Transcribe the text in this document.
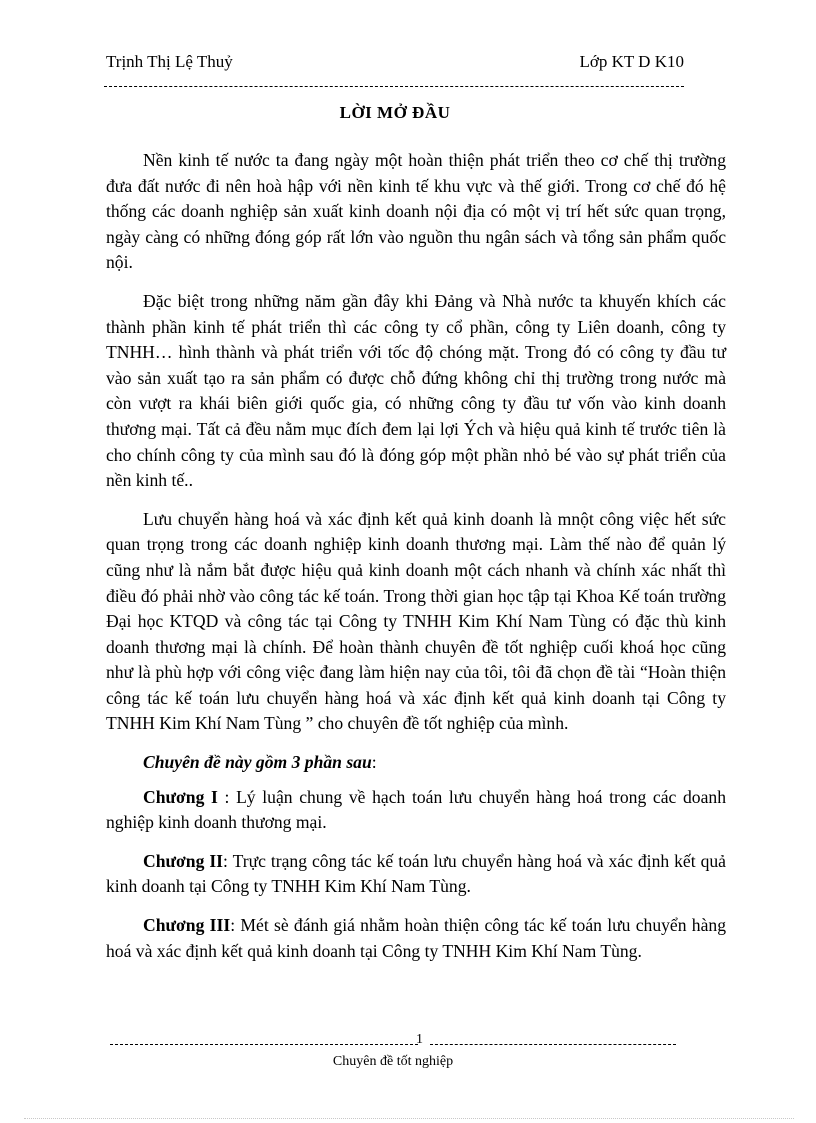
Trịnh Thị Lệ Thuỷ	Lớp KT D K10
LỜI MỞ ĐẦU

Nền kinh tế nước ta đang ngày một hoàn thiện phát triển theo cơ chế thị trường đưa đất nước đi nên hoà hập với nền kinh tế khu vực và thế giới. Trong cơ chế đó hệ thống các doanh nghiệp sản xuất kinh doanh nội địa có một vị trí hết sức quan trọng, ngày càng có những đóng góp rất lớn vào nguồn thu ngân sách và tổng sản phẩm quốc nội.

Đặc biệt trong những năm gần đây khi Đảng và Nhà nước ta khuyến khích các thành phần kinh tế phát triển thì các công ty cổ phần, công ty Liên doanh, công ty TNHH… hình thành và phát triển với tốc độ chóng mặt. Trong đó có công ty đầu tư vào sản xuất tạo ra sản phẩm có được chỗ đứng không chỉ thị trường trong nước mà còn vượt ra khái biên giới quốc gia, có những công ty đầu tư vốn vào kinh doanh thương mại. Tất cả đều nằm mục đích đem lại lợi Ých và hiệu quả kinh tế trước tiên là cho chính công ty của mình sau đó là đóng góp một phần nhỏ bé vào sự phát triển của nền kinh tế..

Lưu chuyển hàng hoá và xác định kết quả kinh doanh là mnột công việc hết sức quan trọng trong các doanh nghiệp kinh doanh thương mại. Làm thế nào để quản lý cũng như là nắm bắt được hiệu quả kinh doanh một cách nhanh và chính xác nhất thì điều đó phải nhờ vào công tác kế toán. Trong thời gian học tập tại Khoa Kế toán trường Đại học KTQD và công tác tại Công ty TNHH Kim Khí Nam Tùng có đặc thù kinh doanh thương mại là chính. Để hoàn thành chuyên đề tốt nghiệp cuối khoá học cũng như là phù hợp với công việc đang làm hiện nay của tôi, tôi đã chọn đề tài “Hoàn thiện công tác kế toán lưu chuyển hàng hoá và xác định kết quả kinh doanh tại Công ty TNHH Kim Khí Nam Tùng ” cho chuyên đề tốt nghiệp của mình.

Chuyên đề này gồm 3 phần sau:

Chương I : Lý luận chung về hạch toán lưu chuyển hàng hoá trong các doanh nghiệp kinh doanh thương mại.

Chương II: Trực trạng công tác kế toán lưu chuyển hàng hoá và xác định kết quả kinh doanh tại Công ty TNHH Kim Khí Nam Tùng.

Chương III: Mét sè đánh giá nhằm hoàn thiện công tác kế toán lưu chuyển hàng hoá và xác định kết quả kinh doanh tại Công ty TNHH Kim Khí Nam Tùng.

1
Chuyên đề tốt nghiệp
